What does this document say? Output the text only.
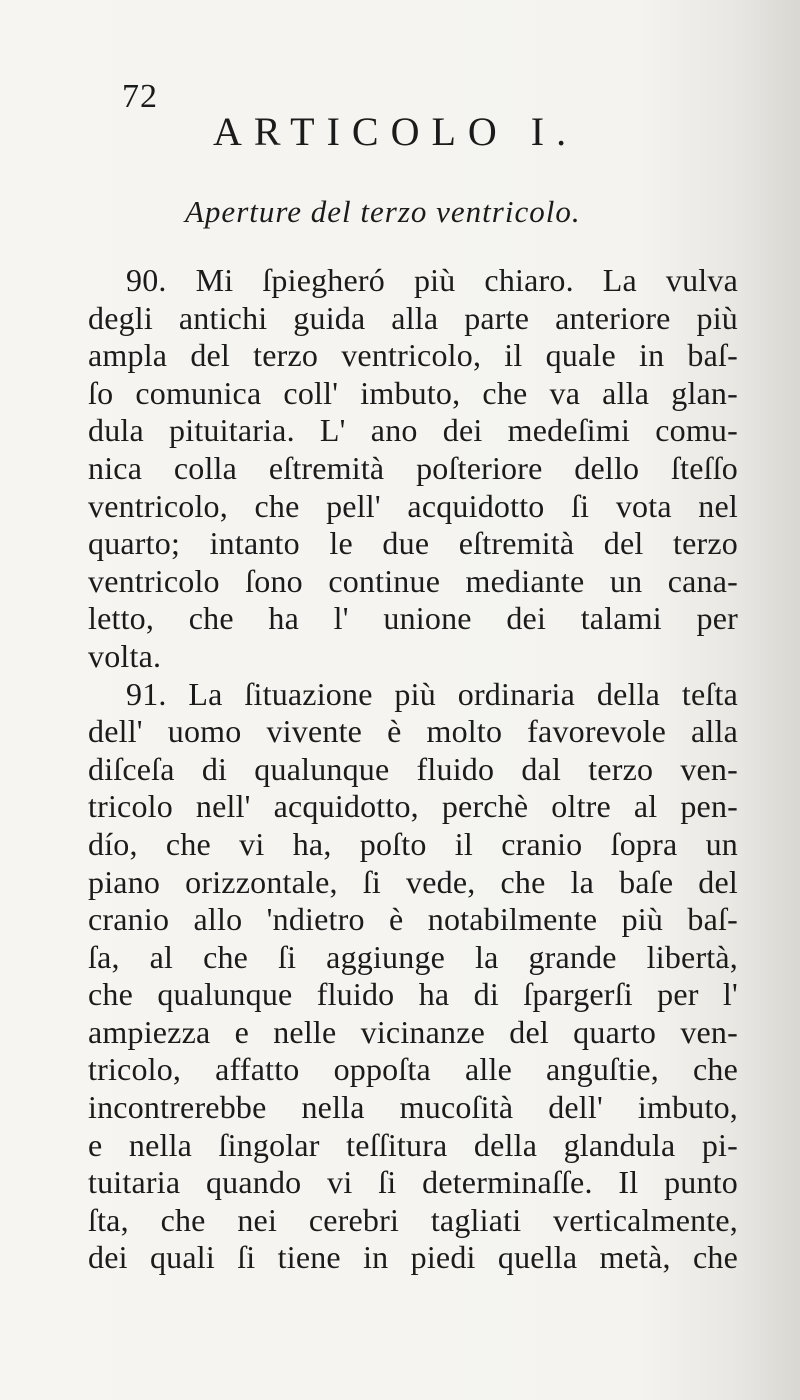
72
ARTICOLO I.
Aperture del terzo ventricolo.
90. Mi ſpiegheró più chiaro. La vulva
degli antichi guida alla parte anteriore più
ampla del terzo ventricolo, il quale in baſ-
ſo comunica coll' imbuto, che va alla glan-
dula pituitaria. L' ano dei medeſimi comu-
nica colla eſtremità poſteriore dello ſteſſo
ventricolo, che pell' acquidotto ſi vota nel
quarto; intanto le due eſtremità del terzo
ventricolo ſono continue mediante un cana-
letto, che ha l' unione dei talami per
volta.
91. La ſituazione più ordinaria della teſta
dell' uomo vivente è molto favorevole alla
diſceſa di qualunque fluido dal terzo ven-
tricolo nell' acquidotto, perchè oltre al pen-
dío, che vi ha, poſto il cranio ſopra un
piano orizzontale, ſi vede, che la baſe del
cranio allo 'ndietro è notabilmente più baſ-
ſa, al che ſi aggiunge la grande libertà,
che qualunque fluido ha di ſpargerſi per l'
ampiezza e nelle vicinanze del quarto ven-
tricolo, affatto oppoſta alle anguſtie, che
incontrerebbe nella mucoſità dell' imbuto,
e nella ſingolar teſſitura della glandula pi-
tuitaria quando vi ſi determinaſſe. Il punto
ſta, che nei cerebri tagliati verticalmente,
dei quali ſi tiene in piedi quella metà, che
